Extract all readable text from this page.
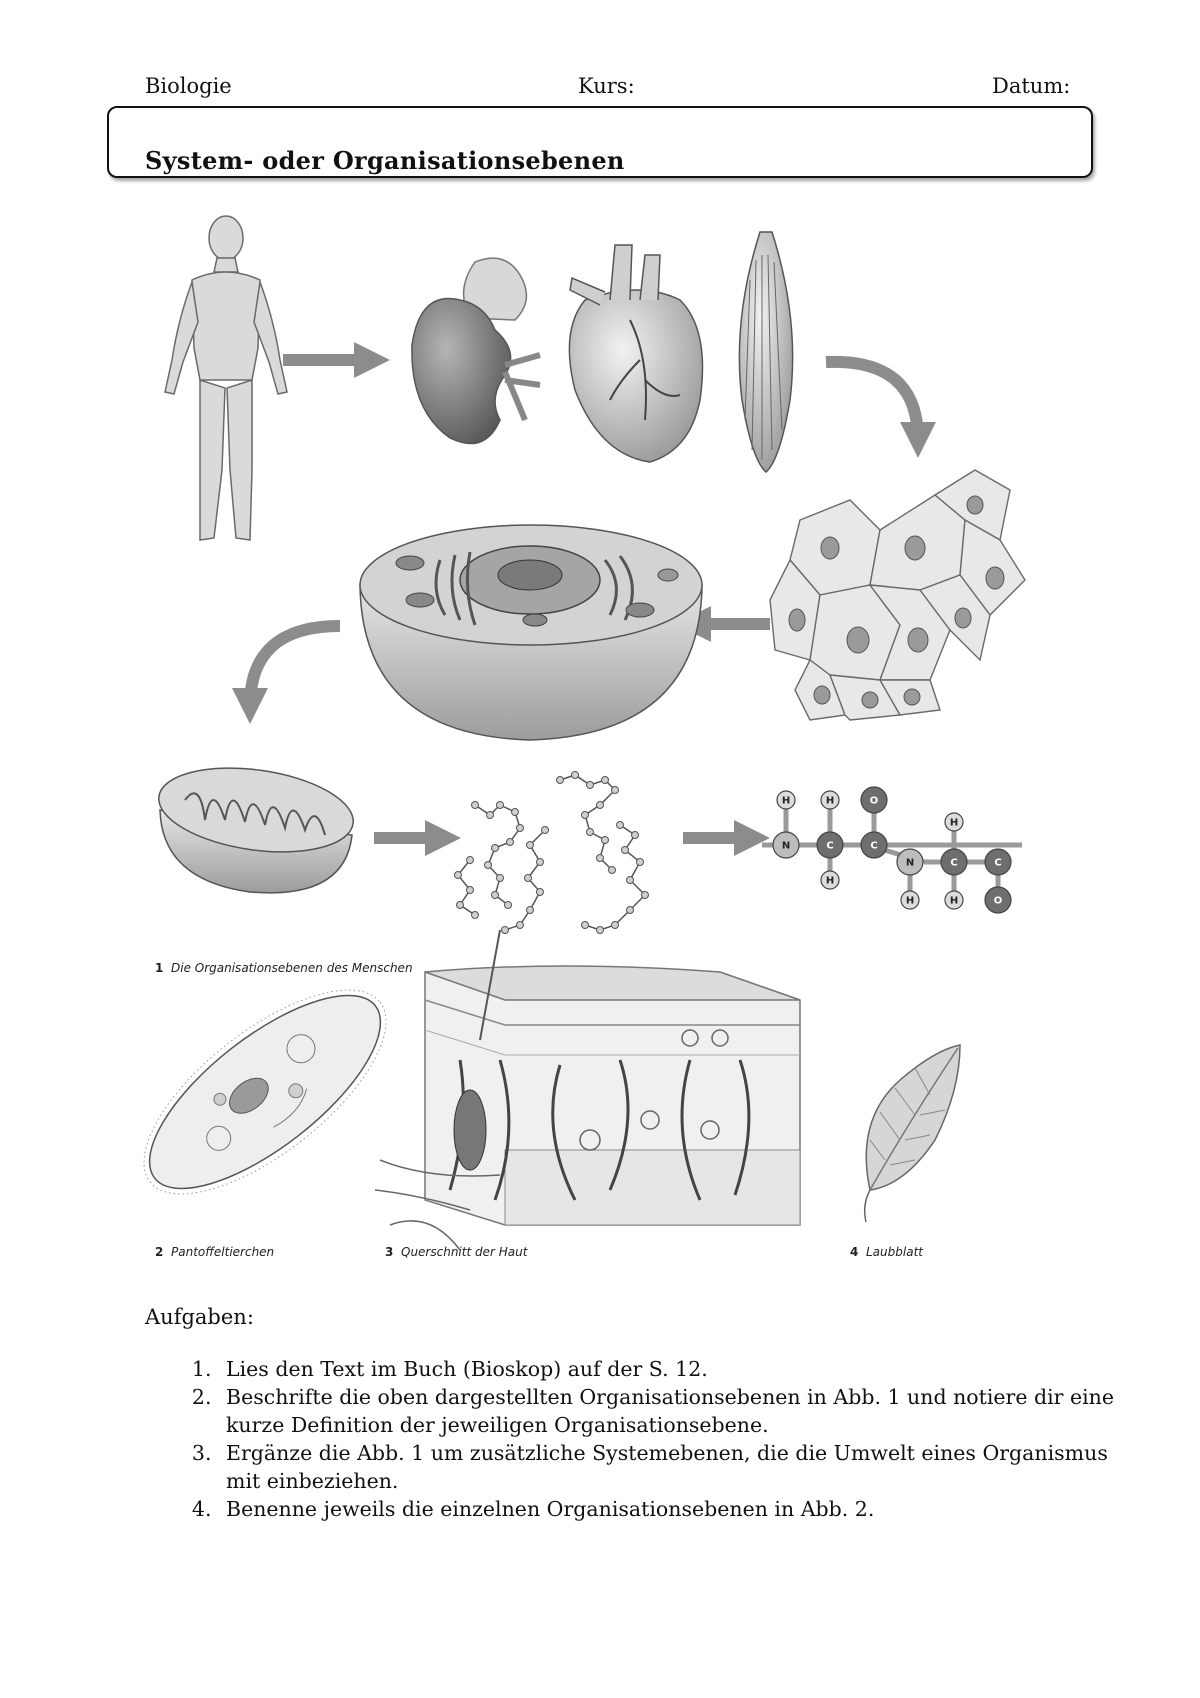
Biologie	Kurs:	Datum:
System- oder Organisationsebenen
H	H	O
N	C	C
H
N
H
C	C
H	H	O
1 Die Organisationsebenen des Menschen
2 Pantoffeltierchen	3 Querschnitt der Haut	4 Laubblatt
Aufgaben:
1. Lies den Text im Buch (Bioskop) auf der S. 12.
2. Beschrifte die oben dargestellten Organisationsebenen in Abb. 1 und notiere dir eine kurze Definition der jeweiligen Organisationsebene.
3. Ergänze die Abb. 1 um zusätzliche Systemebenen, die die Umwelt eines Organismus mit einbeziehen.
4. Benenne jeweils die einzelnen Organisationsebenen in Abb. 2.
